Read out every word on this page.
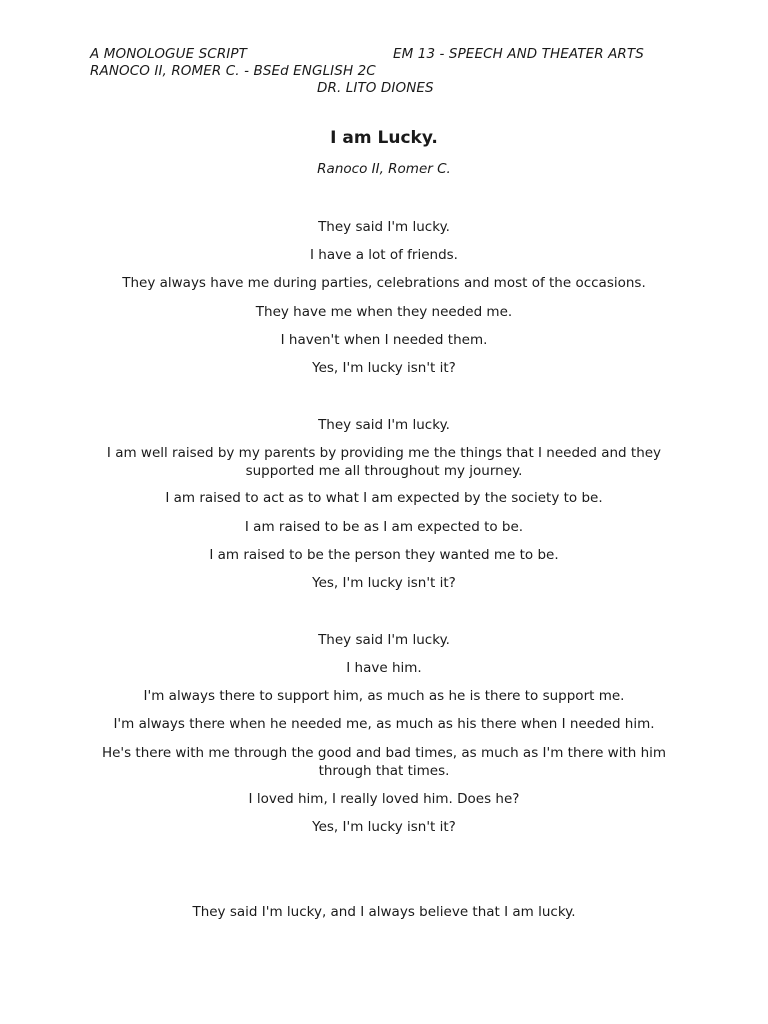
A MONOLOGUE SCRIPT	EM 13 - SPEECH AND THEATER ARTS
RANOCO II, ROMER C. - BSEd ENGLISH 2C
DR. LITO DIONES
I am Lucky.
Ranoco II, Romer C.
They said I'm lucky.
I have a lot of friends.
They always have me during parties, celebrations and most of the occasions.
They have me when they needed me.
I haven't when I needed them.
Yes, I'm lucky isn't it?
They said I'm lucky.
I am well raised by my parents by providing me the things that I needed and they supported me all throughout my journey.
I am raised to act as to what I am expected by the society to be.
I am raised to be as I am expected to be.
I am raised to be the person they wanted me to be.
Yes, I'm lucky isn't it?
They said I'm lucky.
I have him.
I'm always there to support him, as much as he is there to support me.
I'm always there when he needed me, as much as his there when I needed him.
He's there with me through the good and bad times, as much as I'm there with him through that times.
I loved him, I really loved him. Does he?
Yes, I'm lucky isn't it?
They said I'm lucky, and I always believe that I am lucky.
